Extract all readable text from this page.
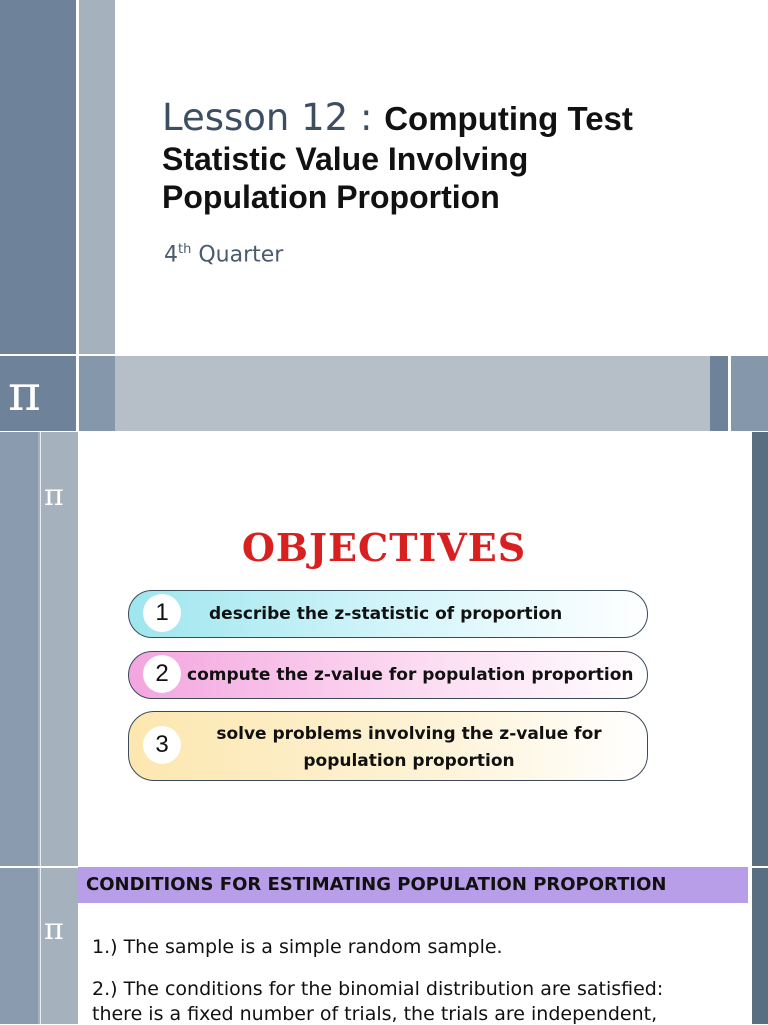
Lesson 12 : Computing Test
Statistic Value Involving Population Proportion
4th Quarter
π
π
OBJECTIVES
1	describe the z-statistic of proportion
2	compute the z-value for population proportion
3	solve problems involving the z-value for
population proportion
CONDITIONS FOR ESTIMATING POPULATION PROPORTION
π 1.) The sample is a simple random sample.
2.) The conditions for the binomial distribution are satisfied:
there is a fixed number of trials, the trials are independent,
